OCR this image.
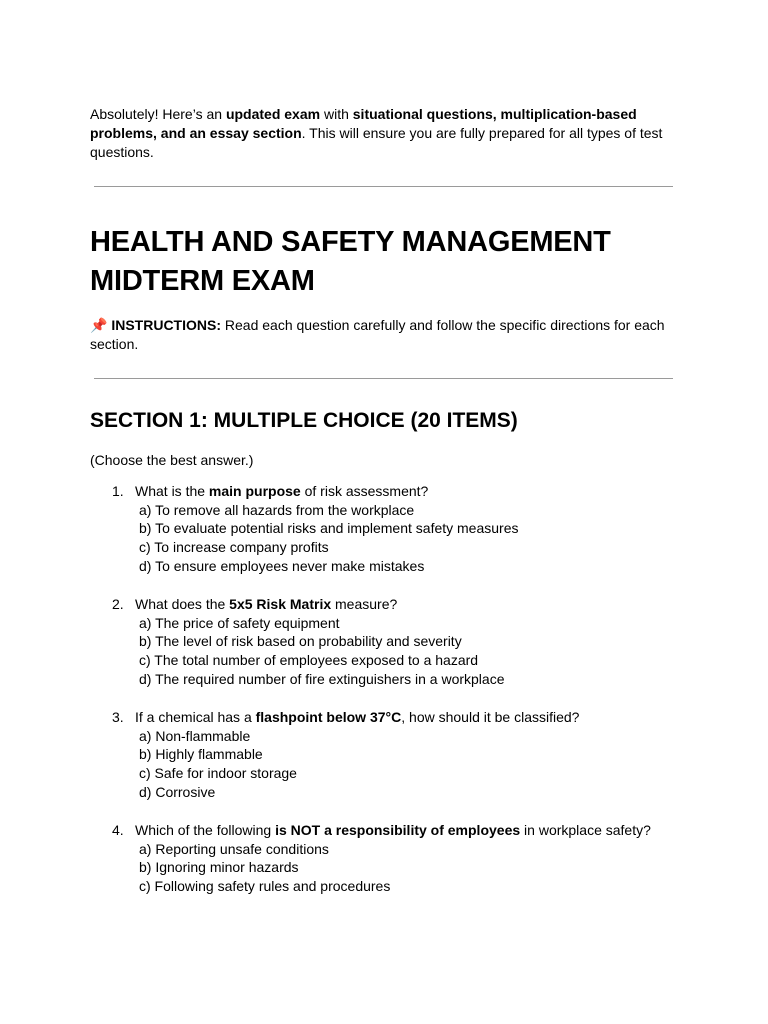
Absolutely! Here’s an updated exam with situational questions, multiplication-based problems, and an essay section. This will ensure you are fully prepared for all types of test questions.

HEALTH AND SAFETY MANAGEMENT
MIDTERM EXAM

📌 INSTRUCTIONS: Read each question carefully and follow the specific directions for each section.

SECTION 1: MULTIPLE CHOICE (20 ITEMS)
(Choose the best answer.)
1. What is the main purpose of risk assessment?
a) To remove all hazards from the workplace
b) To evaluate potential risks and implement safety measures
c) To increase company profits
d) To ensure employees never make mistakes
2. What does the 5x5 Risk Matrix measure?
a) The price of safety equipment
b) The level of risk based on probability and severity
c) The total number of employees exposed to a hazard
d) The required number of fire extinguishers in a workplace
3. If a chemical has a flashpoint below 37°C, how should it be classified?
a) Non-flammable
b) Highly flammable
c) Safe for indoor storage
d) Corrosive
4. Which of the following is NOT a responsibility of employees in workplace safety?
a) Reporting unsafe conditions
b) Ignoring minor hazards
c) Following safety rules and procedures
